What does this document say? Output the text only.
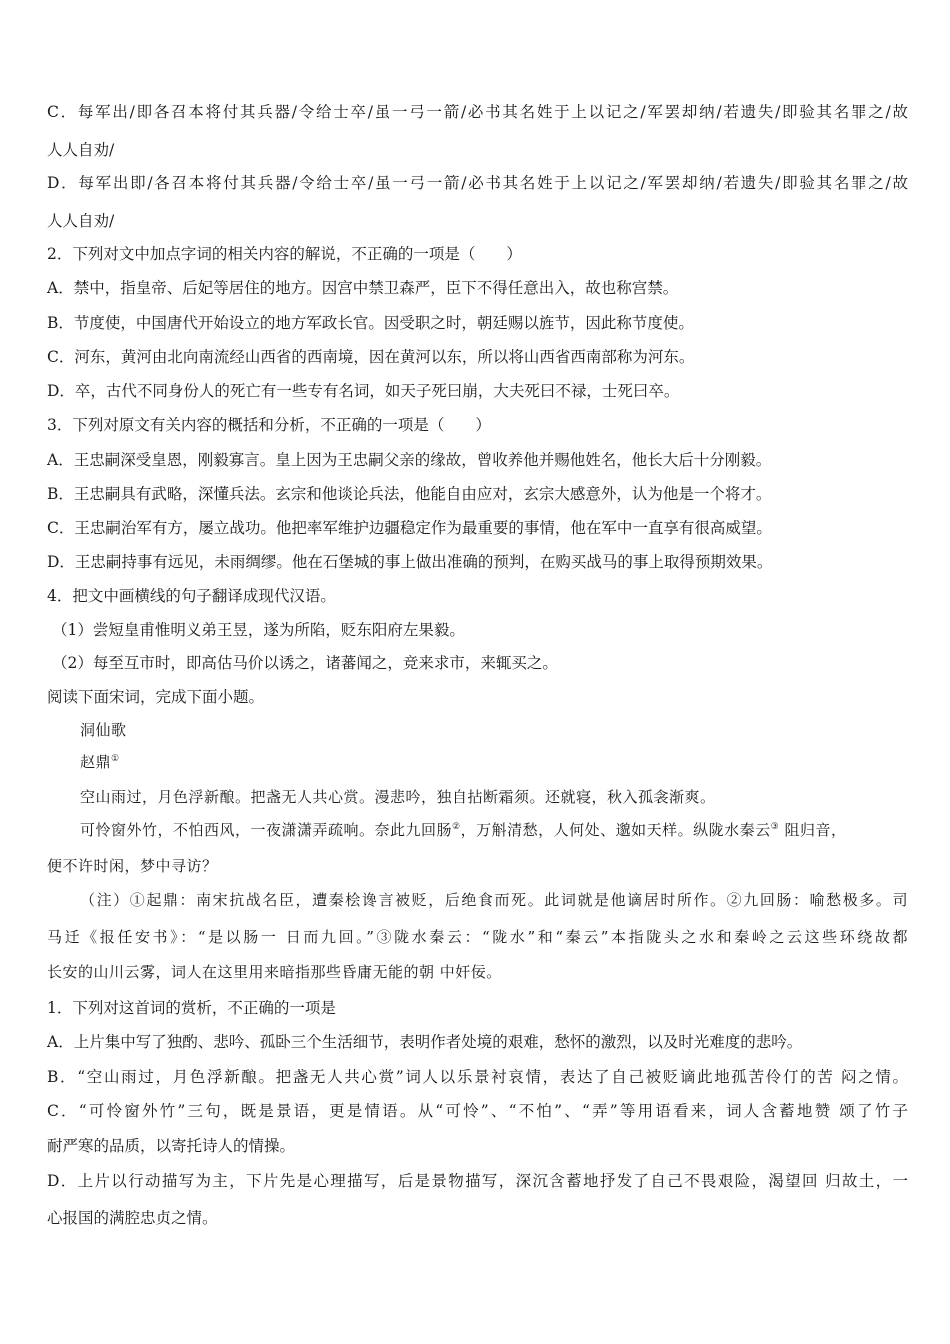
C．每军出/即各召本将付其兵器/令给士卒/虽一弓一箭/必书其名姓于上以记之/军罢却纳/若遗失/即验其名罪之/故
人人自劝/
D．每军出即/各召本将付其兵器/令给士卒/虽一弓一箭/必书其名姓于上以记之/军罢却纳/若遗失/即验其名罪之/故
人人自劝/
2．下列对文中加点字词的相关内容的解说，不正确的一项是（　　）
A．禁中，指皇帝、后妃等居住的地方。因宫中禁卫森严，臣下不得任意出入，故也称宫禁。
B．节度使，中国唐代开始设立的地方军政长官。因受职之时，朝廷赐以旌节，因此称节度使。
C．河东，黄河由北向南流经山西省的西南境，因在黄河以东，所以将山西省西南部称为河东。
D．卒，古代不同身份人的死亡有一些专有名词，如天子死曰崩，大夫死曰不禄，士死曰卒。
3．下列对原文有关内容的概括和分析，不正确的一项是（　　）
A．王忠嗣深受皇恩，刚毅寡言。皇上因为王忠嗣父亲的缘故，曾收养他并赐他姓名，他长大后十分刚毅。
B．王忠嗣具有武略，深懂兵法。玄宗和他谈论兵法，他能自由应对，玄宗大感意外，认为他是一个将才。
C．王忠嗣治军有方，屡立战功。他把率军维护边疆稳定作为最重要的事情，他在军中一直享有很高威望。
D．王忠嗣持事有远见，未雨绸缪。他在石堡城的事上做出准确的预判，在购买战马的事上取得预期效果。
4．把文中画横线的句子翻译成现代汉语。
（1）尝短皇甫惟明义弟王昱，遂为所陷，贬东阳府左果毅。
（2）每至互市时，即高估马价以诱之，诸蕃闻之，竞来求市，来辄买之。
阅读下面宋词，完成下面小题。
洞仙歌
赵鼎①
空山雨过，月色浮新酿。把盏无人共心赏。漫悲吟，独自拈断霜须。还就寝，秋入孤衾渐爽。
可怜窗外竹，不怕西风，一夜潇潇弄疏响。奈此九回肠②，万斛清愁，人何处、邈如天样。纵陇水秦云③ 阻归音，
便不许时闲，梦中寻访？
（注）①起鼎：南宋抗战名臣，遭秦桧谗言被贬，后绝食而死。此词就是他谪居时所作。②九回肠：喻愁极多。司
马迁《报任安书》：“是以肠一 日而九回。”③陇水秦云：“陇水”和“秦云”本指陇头之水和秦岭之云这些环绕故都
长安的山川云雾，词人在这里用来暗指那些昏庸无能的朝 中奸佞。
1．下列对这首词的赏析，不正确的一项是
A．上片集中写了独酌、悲吟、孤卧三个生活细节，表明作者处境的艰难，愁怀的激烈，以及时光难度的悲吟。
B．“空山雨过，月色浮新酿。把盏无人共心赏”词人以乐景衬哀情，表达了自己被贬谪此地孤苦伶仃的苦 闷之情。
C．“可怜窗外竹”三句，既是景语，更是情语。从“可怜”、“不怕”、“弄”等用语看来，词人含蓄地赞 颂了竹子
耐严寒的品质，以寄托诗人的情操。
D．上片以行动描写为主，下片先是心理描写，后是景物描写，深沉含蓄地抒发了自己不畏艰险，渴望回 归故土，一
心报国的满腔忠贞之情。
